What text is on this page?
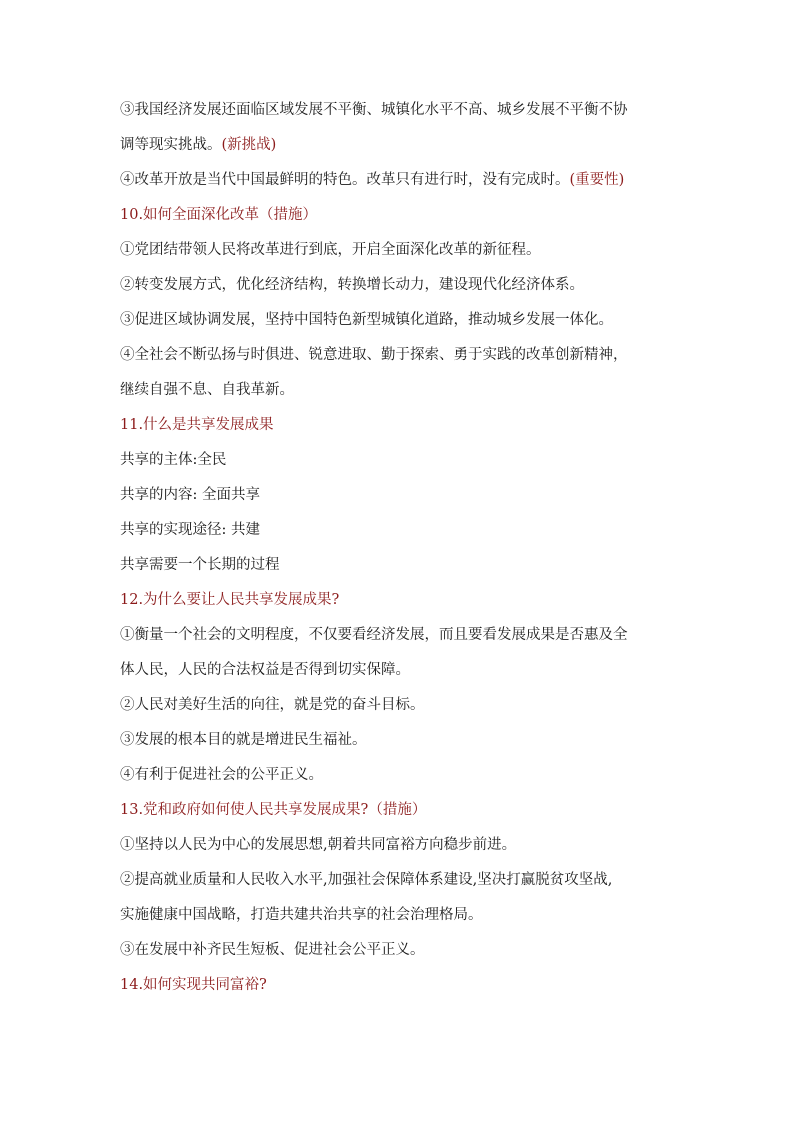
③我国经济发展还面临区域发展不平衡、城镇化水平不高、城乡发展不平衡不协
调等现实挑战。(新挑战)
④改革开放是当代中国最鲜明的特色。改革只有进行时，没有完成时。(重要性)
10.如何全面深化改革（措施）
①党团结带领人民将改革进行到底，开启全面深化改革的新征程。
②转变发展方式，优化经济结构，转换增长动力，建设现代化经济体系。
③促进区域协调发展，坚持中国特色新型城镇化道路，推动城乡发展一体化。
④全社会不断弘扬与时俱进、锐意进取、勤于探索、勇于实践的改革创新精神，
继续自强不息、自我革新。
11.什么是共享发展成果
共享的主体:全民
共享的内容: 全面共享
共享的实现途径: 共建
共享需要一个长期的过程
12.为什么要让人民共享发展成果?
①衡量一个社会的文明程度，不仅要看经济发展，而且要看发展成果是否惠及全
体人民，人民的合法权益是否得到切实保障。
②人民对美好生活的向往，就是党的奋斗目标。
③发展的根本目的就是增进民生福祉。
④有利于促进社会的公平正义。
13.党和政府如何使人民共享发展成果?（措施）
①坚持以人民为中心的发展思想,朝着共同富裕方向稳步前进。
②提高就业质量和人民收入水平,加强社会保障体系建设,坚决打赢脱贫攻坚战,
实施健康中国战略，打造共建共治共享的社会治理格局。
③在发展中补齐民生短板、促进社会公平正义。
14.如何实现共同富裕?
